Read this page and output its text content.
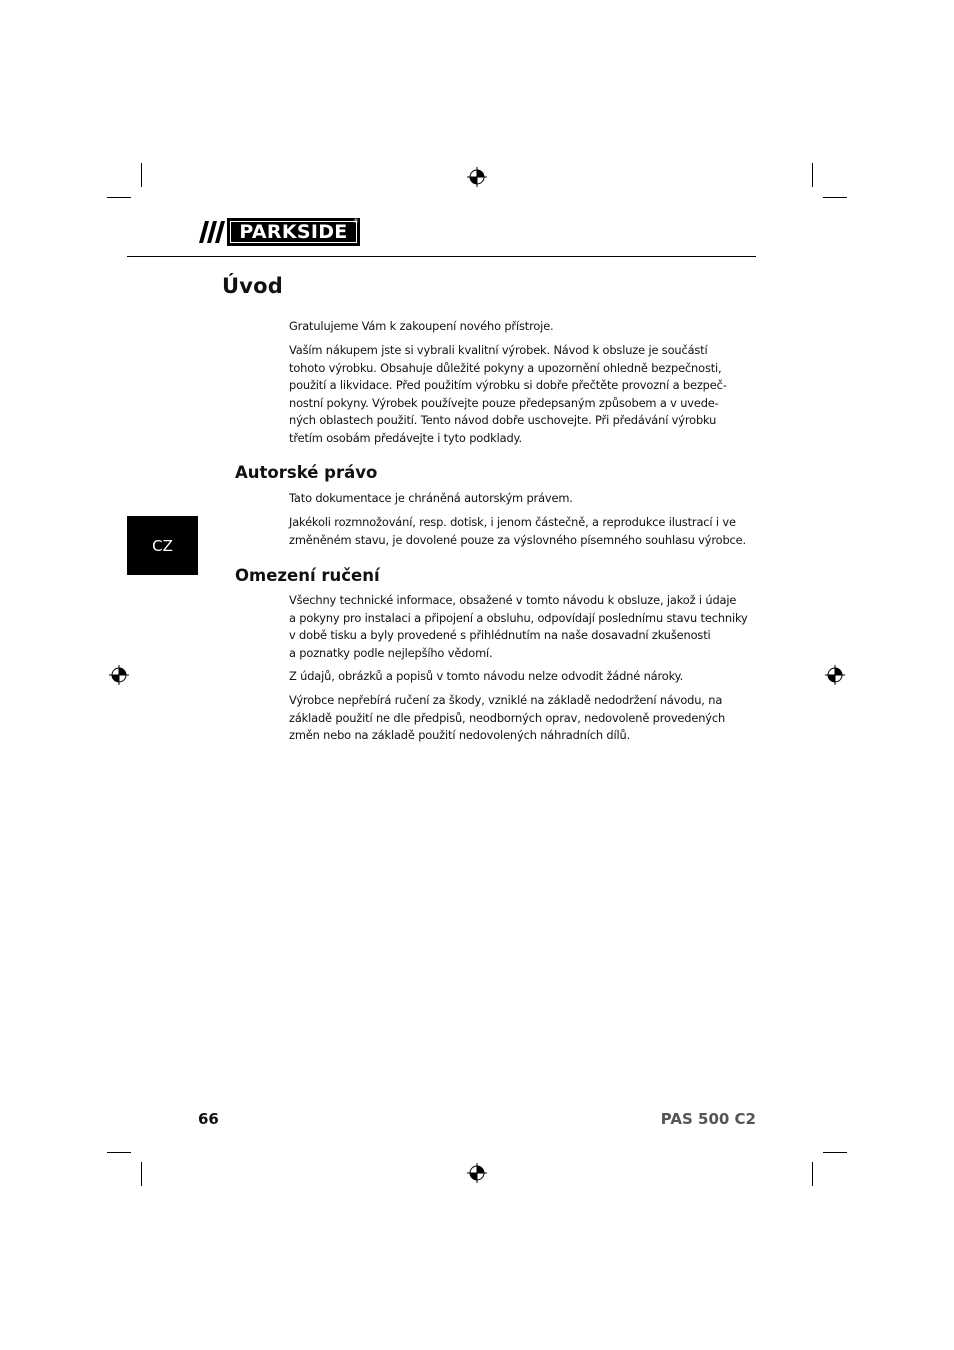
PARKSIDE ®
Úvod

Gratulujeme Vám k zakoupení nového přístroje.

Vaším nákupem jste si vybrali kvalitní výrobek. Návod k obsluze je součástí
tohoto výrobku. Obsahuje důležité pokyny a upozornění ohledně bezpečnosti,
použití a likvidace. Před použitím výrobku si dobře přečtěte provozní a bezpeč-
nostní pokyny. Výrobek používejte pouze předepsaným způsobem a v uvede-
ných oblastech použití. Tento návod dobře uschovejte. Při předávání výrobku
třetím osobám předávejte i tyto podklady.

Autorské právo

Tato dokumentace je chráněná autorským právem.

Jakékoli rozmnožování, resp. dotisk, i jenom částečně, a reprodukce ilustrací i ve
změněném stavu, je dovolené pouze za výslovného písemného souhlasu výrobce.

CZ
Omezení ručení

Všechny technické informace, obsažené v tomto návodu k obsluze, jakož i údaje
a pokyny pro instalaci a připojení a obsluhu, odpovídají poslednímu stavu techniky
v době tisku a byly provedené s přihlédnutím na naše dosavadní zkušenosti
a poznatky podle nejlepšího vědomí.

Z údajů, obrázků a popisů v tomto návodu nelze odvodit žádné nároky.

Výrobce nepřebírá ručení za škody, vzniklé na základě nedodržení návodu, na
základě použití ne dle předpisů, neodborných oprav, nedovoleně provedených
změn nebo na základě použití nedovolených náhradních dílů.

66	PAS 500 C2
